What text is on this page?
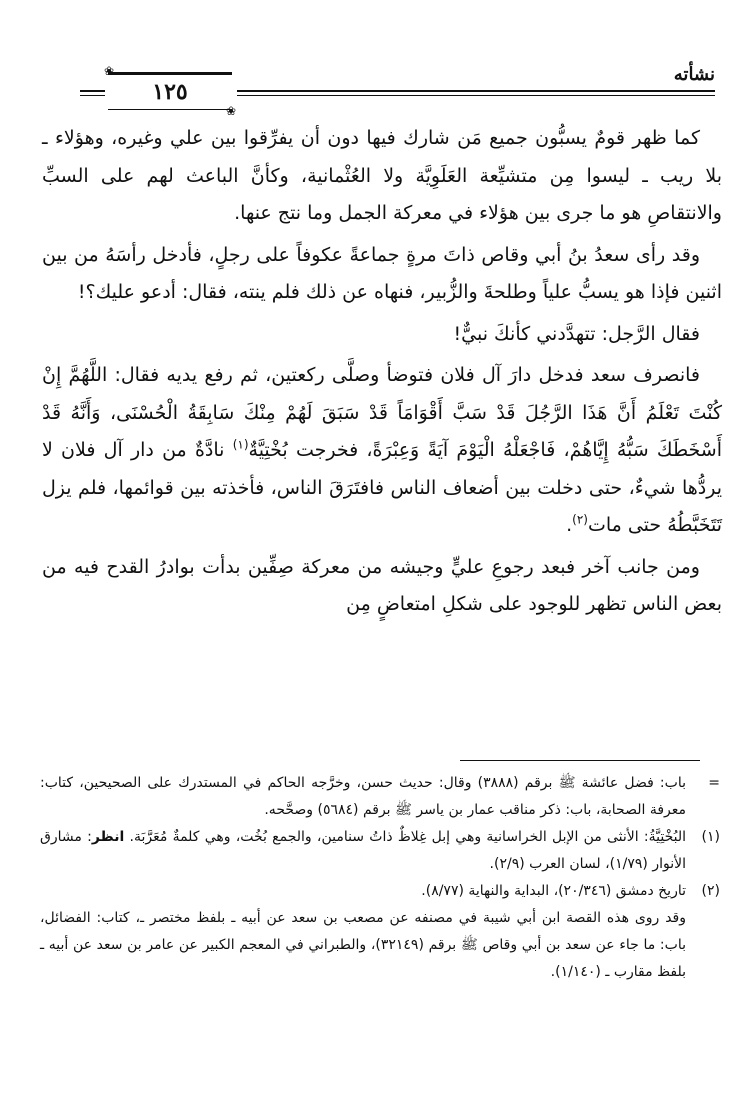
نشأته
❀
١٢٥
❀

كما ظهر قومٌ يسبُّون جميع مَن شارك فيها دون أن يفرِّقوا بين علي وغيره، وهؤلاء ـ بلا ريب ـ ليسوا مِن متشيِّعة العَلَوِيَّة ولا العُثْمانية، وكأنَّ الباعث لهم على السبِّ والانتقاصِ هو ما جرى بين هؤلاء في معركة الجمل وما نتج عنها.

وقد رأى سعدُ بنُ أبي وقاص ذاتَ مرةٍ جماعةً عكوفاً على رجلٍ، فأدخل رأسَهُ من بين اثنين فإذا هو يسبُّ علياً وطلحةَ والزُّبير، فنهاه عن ذلك فلم ينته، فقال: أدعو عليك؟!

فقال الرَّجل: تتهدَّدني كأنكَ نبيٌّ!

فانصرف سعد فدخل دارَ آل فلان فتوضأ وصلَّى ركعتين، ثم رفع يديه فقال: اللَّهُمَّ إِنْ كُنْتَ تَعْلَمُ أَنَّ هَذَا الرَّجُلَ قَدْ سَبَّ أَقْوَامَاً قَدْ سَبَقَ لَهُمْ مِنْكَ سَابِقَةُ الْحُسْنَى، وَأَنَّهُ قَدْ أَسْخَطَكَ سَبُّهُ إِيَّاهُمْ، فَاجْعَلْهُ الْيَوْمَ آيَةً وَعِبْرَةً، فخرجت بُخْتِيَّةٌ$^{(١)}$ نادَّةٌ من دار آل فلان لا يردُّها شيءٌ، حتى دخلت بين أضعاف الناس فافتَرَقَ الناس، فأخذته بين قوائمها، فلم يزل تَتَخَبَّطُهُ حتى مات$^{(٢)}$.

ومن جانب آخر فبعد رجوعِ عليٍّ وجيشه من معركة صِفِّين بدأت بوادرُ القدح فيه من بعض الناس تظهر للوجود على شكلِ امتعاضٍ مِن

=
باب: فضل عائشة ﷺ برقم (٣٨٨٨) وقال: حديث حسن، وخرَّجه الحاكم في المستدرك على الصحيحين، كتاب: معرفة الصحابة، باب: ذكر مناقب عمار بن ياسر ﷺ برقم (٥٦٨٤) وصحَّحه.

(١)
البُخْتِيَّةُ: الأنثى من الإبل الخراسانية وهي إبل غِلاظٌ ذاتُ سنامين، والجمع بُخُت، وهي كلمةٌ مُعَرَّبَة. انظر: مشارق الأنوار (١/٧٩)، لسان العرب (٢/٩).

(٢)
تاريخ دمشق (٢٠/٣٤٦)، البداية والنهاية (٨/٧٧).

وقد روى هذه القصة ابن أبي شيبة في مصنفه عن مصعب بن سعد عن أبيه ـ بلفظ مختصر ـ، كتاب: الفضائل، باب: ما جاء عن سعد بن أبي وقاص ﷺ برقم (٣٢١٤٩)، والطبراني في المعجم الكبير عن عامر بن سعد عن أبيه ـ بلفظ مقارب ـ (١/١٤٠).
